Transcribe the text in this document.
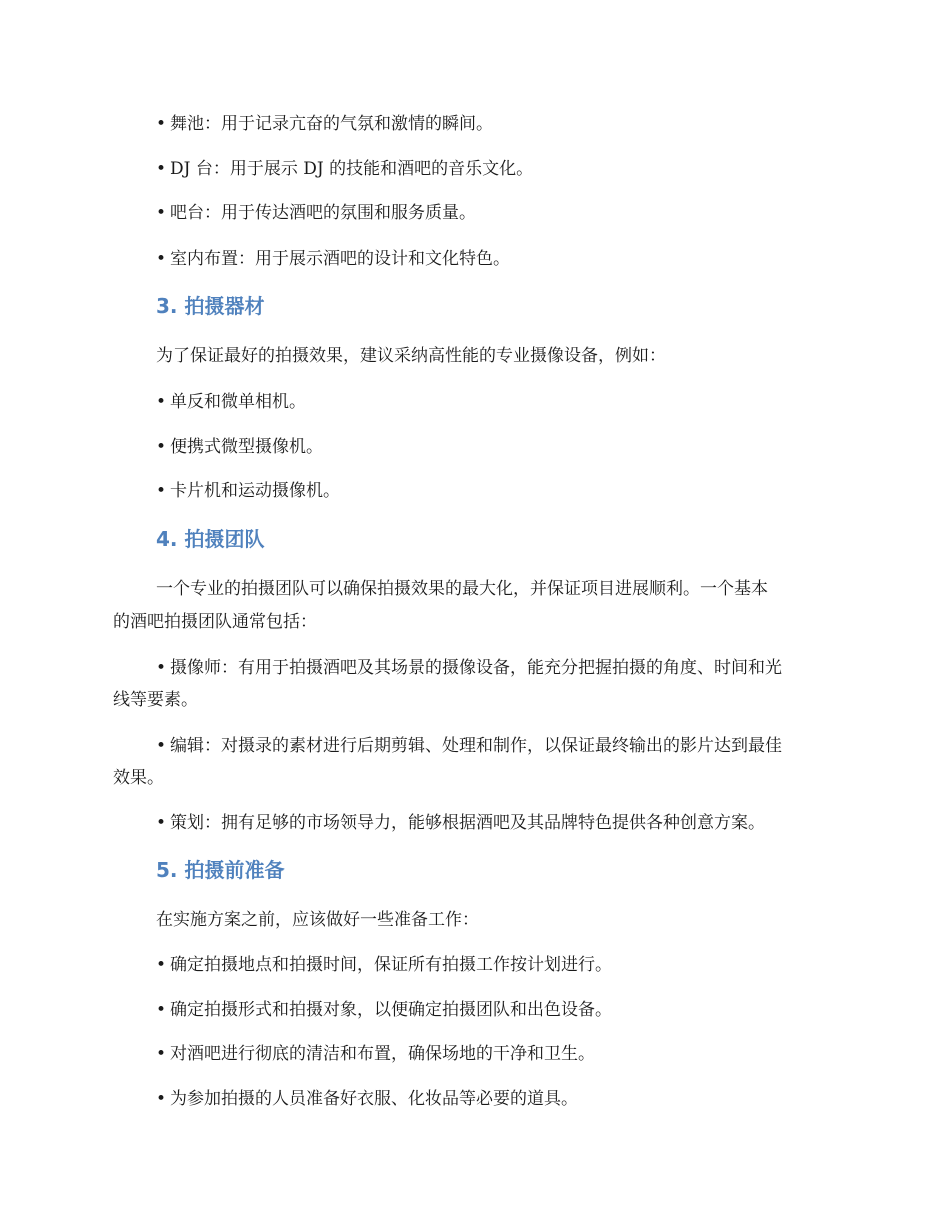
• 舞池：用于记录亢奋的气氛和激情的瞬间。
• DJ 台：用于展示 DJ 的技能和酒吧的音乐文化。
• 吧台：用于传达酒吧的氛围和服务质量。
• 室内布置：用于展示酒吧的设计和文化特色。
3. 拍摄器材
为了保证最好的拍摄效果，建议采纳高性能的专业摄像设备，例如：
• 单反和微单相机。
• 便携式微型摄像机。
• 卡片机和运动摄像机。
4. 拍摄团队
一个专业的拍摄团队可以确保拍摄效果的最大化，并保证项目进展顺利。一个基本
的酒吧拍摄团队通常包括：
• 摄像师：有用于拍摄酒吧及其场景的摄像设备，能充分把握拍摄的角度、时间和光
线等要素。
• 编辑：对摄录的素材进行后期剪辑、处理和制作，以保证最终输出的影片达到最佳
效果。
• 策划：拥有足够的市场领导力，能够根据酒吧及其品牌特色提供各种创意方案。
5. 拍摄前准备
在实施方案之前，应该做好一些准备工作：
• 确定拍摄地点和拍摄时间，保证所有拍摄工作按计划进行。
• 确定拍摄形式和拍摄对象，以便确定拍摄团队和出色设备。
• 对酒吧进行彻底的清洁和布置，确保场地的干净和卫生。
• 为参加拍摄的人员准备好衣服、化妆品等必要的道具。
